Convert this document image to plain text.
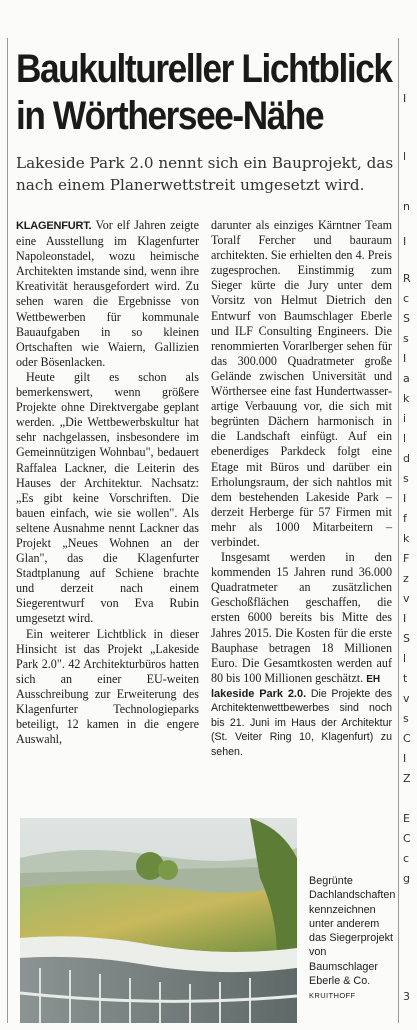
I
l
n
I
R
c
S
s
I
a
k
i
l
d
s
I
f
k
F
z
v
I
S
l
t
v
s
C
I
Z
E
C
c
g
3
Baukultureller Lichtblick
in Wörthersee-Nähe

Lakeside Park 2.0 nennt sich ein Bauprojekt, das nach einem Planerwettstreit umgesetzt wird.

KLAGENFURT. Vor elf Jahren zeigte eine Ausstellung im Klagenfurter Napoleonstadel, wozu heimische Architekten imstande sind, wenn ihre Kreativität herausgefordert wird. Zu sehen waren die Ergebnisse von Wettbewerben für kommunale Bauaufgaben in so kleinen Ortschaften wie Waiern, Gallizien oder Bösenlacken.

Heute gilt es schon als bemerkenswert, wenn größere Projekte ohne Direktvergabe geplant werden. „Die Wettbewerbskultur hat sehr nachgelassen, insbesondere im Gemeinnützigen Wohnbau", bedauert Raffalea Lackner, die Leiterin des Hauses der Architektur. Nachsatz: „Es gibt keine Vorschriften. Die bauen einfach, wie sie wollen". Als seltene Ausnahme nennt Lackner das Projekt „Neues Wohnen an der Glan", das die Klagenfurter Stadtplanung auf Schiene brachte und derzeit nach einem Siegerentwurf von Eva Rubin umgesetzt wird.

Ein weiterer Lichtblick in dieser Hinsicht ist das Projekt „Lakeside Park 2.0". 42 Architekturbüros hatten sich an einer EU-weiten Ausschreibung zur Erweiterung des Klagenfurter Technologieparks beteiligt, 12 kamen in die engere Auswahl,

darunter als einziges Kärntner Team Toralf Fercher und bauraum architekten. Sie erhielten den 4. Preis zugesprochen. Einstimmig zum Sieger kürte die Jury unter dem Vorsitz von Helmut Dietrich den Entwurf von Baumschlager Eberle und ILF Consulting Engineers. Die renommierten Vorarlberger sehen für das 300.000 Quadratmeter große Gelände zwischen Universität und Wörthersee eine fast Hundertwasser-artige Verbauung vor, die sich mit begrünten Dächern harmonisch in die Landschaft einfügt. Auf ein ebenerdiges Parkdeck folgt eine Etage mit Büros und darüber ein Erholungsraum, der sich nahtlos mit dem bestehenden Lakeside Park – derzeit Herberge für 57 Firmen mit mehr als 1000 Mitarbeitern – verbindet.

Insgesamt werden in den kommenden 15 Jahren rund 36.000 Quadratmeter an zusätzlichen Geschoßflächen geschaffen, die ersten 6000 bereits bis Mitte des Jahres 2015. Die Kosten für die erste Bauphase betragen 18 Millionen Euro. Die Gesamtkosten werden auf 80 bis 100 Millionen geschätzt. EH

lakeside Park 2.0. Die Projekte des Architektenwettbewerbes sind noch bis 21. Juni im Haus der Architektur (St. Veiter Ring 10, Klagenfurt) zu sehen.

Begrünte Dachlandschaften kennzeichnen unter anderem das Siegerprojekt von Baumschlager Eberle & Co. KRUITHOFF
